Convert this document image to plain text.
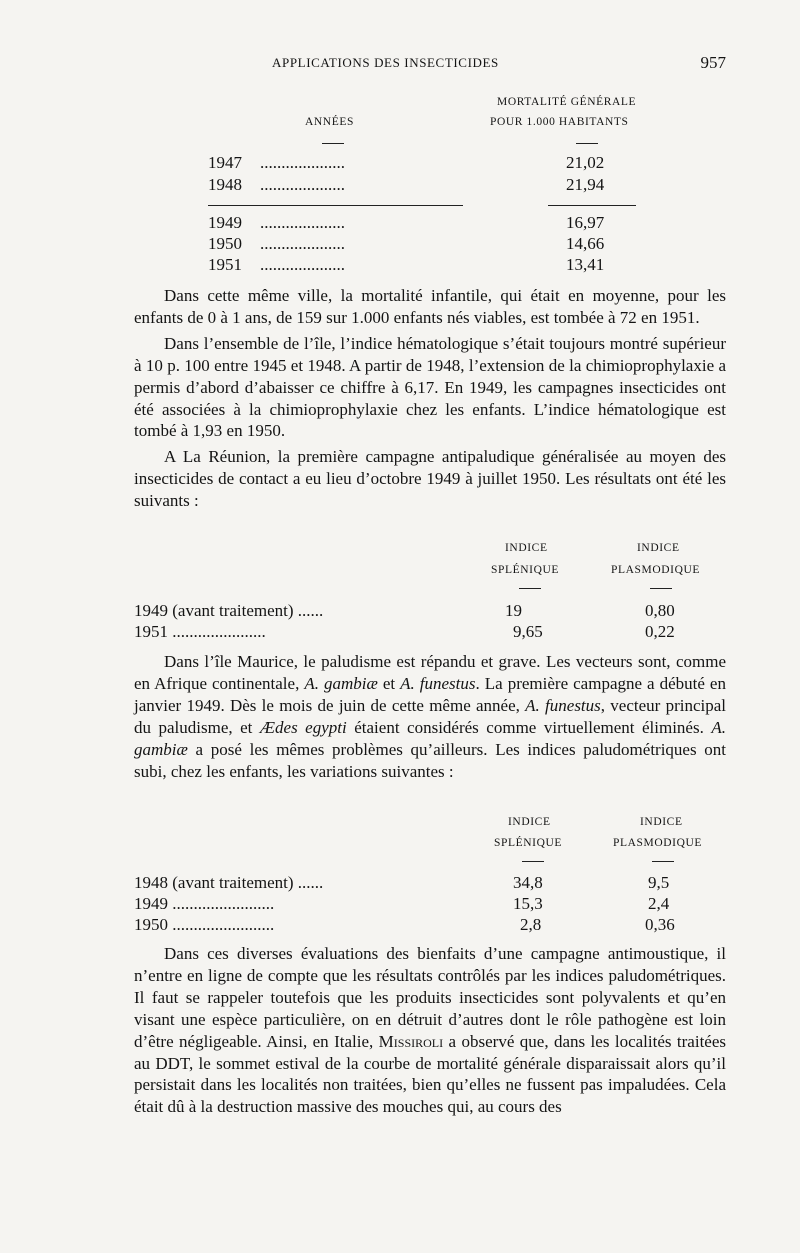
APPLICATIONS DES INSECTICIDES	957
ANNÉES
MORTALITÉ GÉNÉRALE
POUR 1.000 HABITANTS
1947 ....................	21,02
1948 ....................	21,94
1949 ....................	16,97
1950 ....................	14,66
1951 ....................	13,41

Dans cette même ville, la mortalité infantile, qui était en moyenne, pour les enfants de 0 à 1 ans, de 159 sur 1.000 enfants nés viables, est tombée à 72 en 1951.

Dans l’ensemble de l’île, l’indice hématologique s’était toujours montré supérieur à 10 p. 100 entre 1945 et 1948. A partir de 1948, l’extension de la chimioprophylaxie a permis d’abord d’abaisser ce chiffre à 6,17. En 1949, les campagnes insecticides ont été associées à la chimioprophylaxie chez les enfants. L’indice hématologique est tombé à 1,93 en 1950.

A La Réunion, la première campagne antipaludique généralisée au moyen des insecticides de contact a eu lieu d’octobre 1949 à juillet 1950. Les résultats ont été les suivants :

INDICE
SPLÉNIQUE
INDICE
PLASMODIQUE
1949 (avant traitement) ......	19	0,80
1951 ......................	9,65	0,22

Dans l’île Maurice, le paludisme est répandu et grave. Les vecteurs sont, comme en Afrique continentale, A. gambiæ et A. funestus. La première campagne a débuté en janvier 1949. Dès le mois de juin de cette même année, A. funestus, vecteur principal du paludisme, et Ædes egypti étaient considérés comme virtuellement éliminés. A. gambiæ a posé les mêmes problèmes qu’ailleurs. Les indices paludométriques ont subi, chez les enfants, les variations suivantes :

INDICE
SPLÉNIQUE
INDICE
PLASMODIQUE
1948 (avant traitement) ......	34,8	9,5
1949 ........................	15,3	2,4
1950 ........................	2,8	0,36

Dans ces diverses évaluations des bienfaits d’une campagne antimoustique, il n’entre en ligne de compte que les résultats contrôlés par les indices paludométriques. Il faut se rappeler toutefois que les produits insecticides sont polyvalents et qu’en visant une espèce particulière, on en détruit d’autres dont le rôle pathogène est loin d’être négligeable. Ainsi, en Italie, Missiroli a observé que, dans les localités traitées au DDT, le sommet estival de la courbe de mortalité générale disparaissait alors qu’il persistait dans les localités non traitées, bien qu’elles ne fussent pas impaludées. Cela était dû à la destruction massive des mouches qui, au cours des
